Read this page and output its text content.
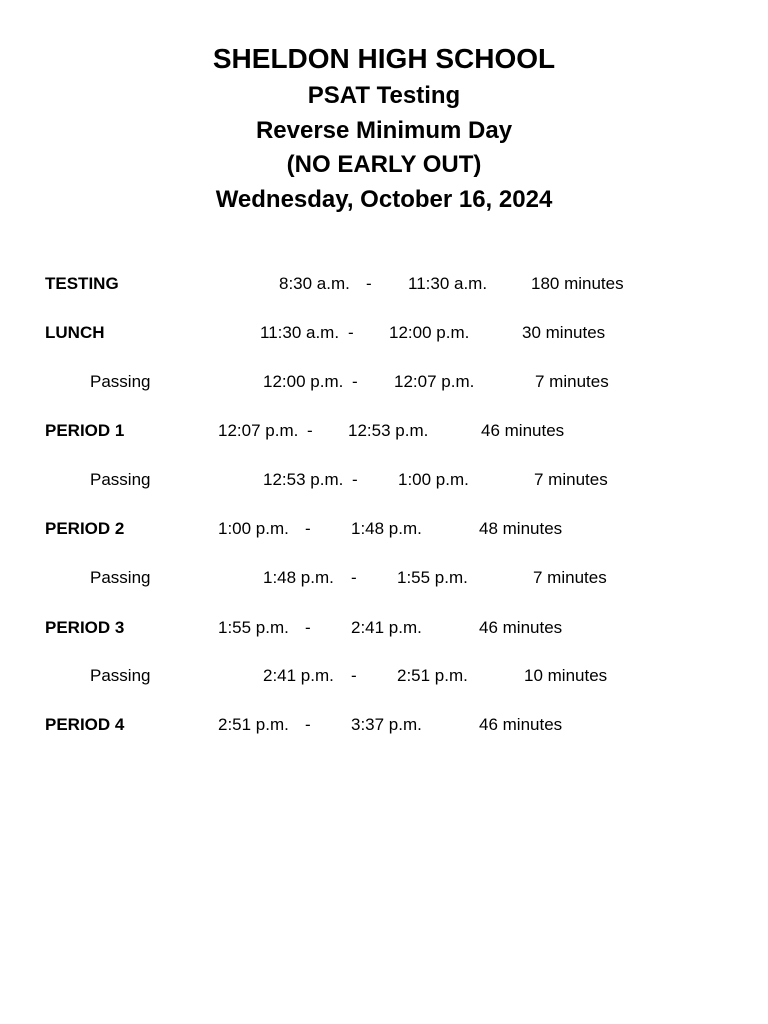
SHELDON HIGH SCHOOL
PSAT Testing
Reverse Minimum Day
(NO EARLY OUT)
Wednesday, October 16, 2024
TESTING	8:30 a.m. - 11:30 a.m.	180 minutes
LUNCH	11:30 a.m. - 12:00 p.m.	30 minutes
Passing	12:00 p.m. - 12:07 p.m.	7 minutes
PERIOD 1	12:07 p.m. - 12:53 p.m.	46 minutes
Passing	12:53 p.m. - 1:00 p.m.	7 minutes
PERIOD 2	1:00 p.m. - 1:48 p.m.	48 minutes
Passing	1:48 p.m. - 1:55 p.m.	7 minutes
PERIOD 3	1:55 p.m. - 2:41 p.m.	46 minutes
Passing	2:41 p.m. - 2:51 p.m.	10 minutes
PERIOD 4	2:51 p.m. - 3:37 p.m.	46 minutes
